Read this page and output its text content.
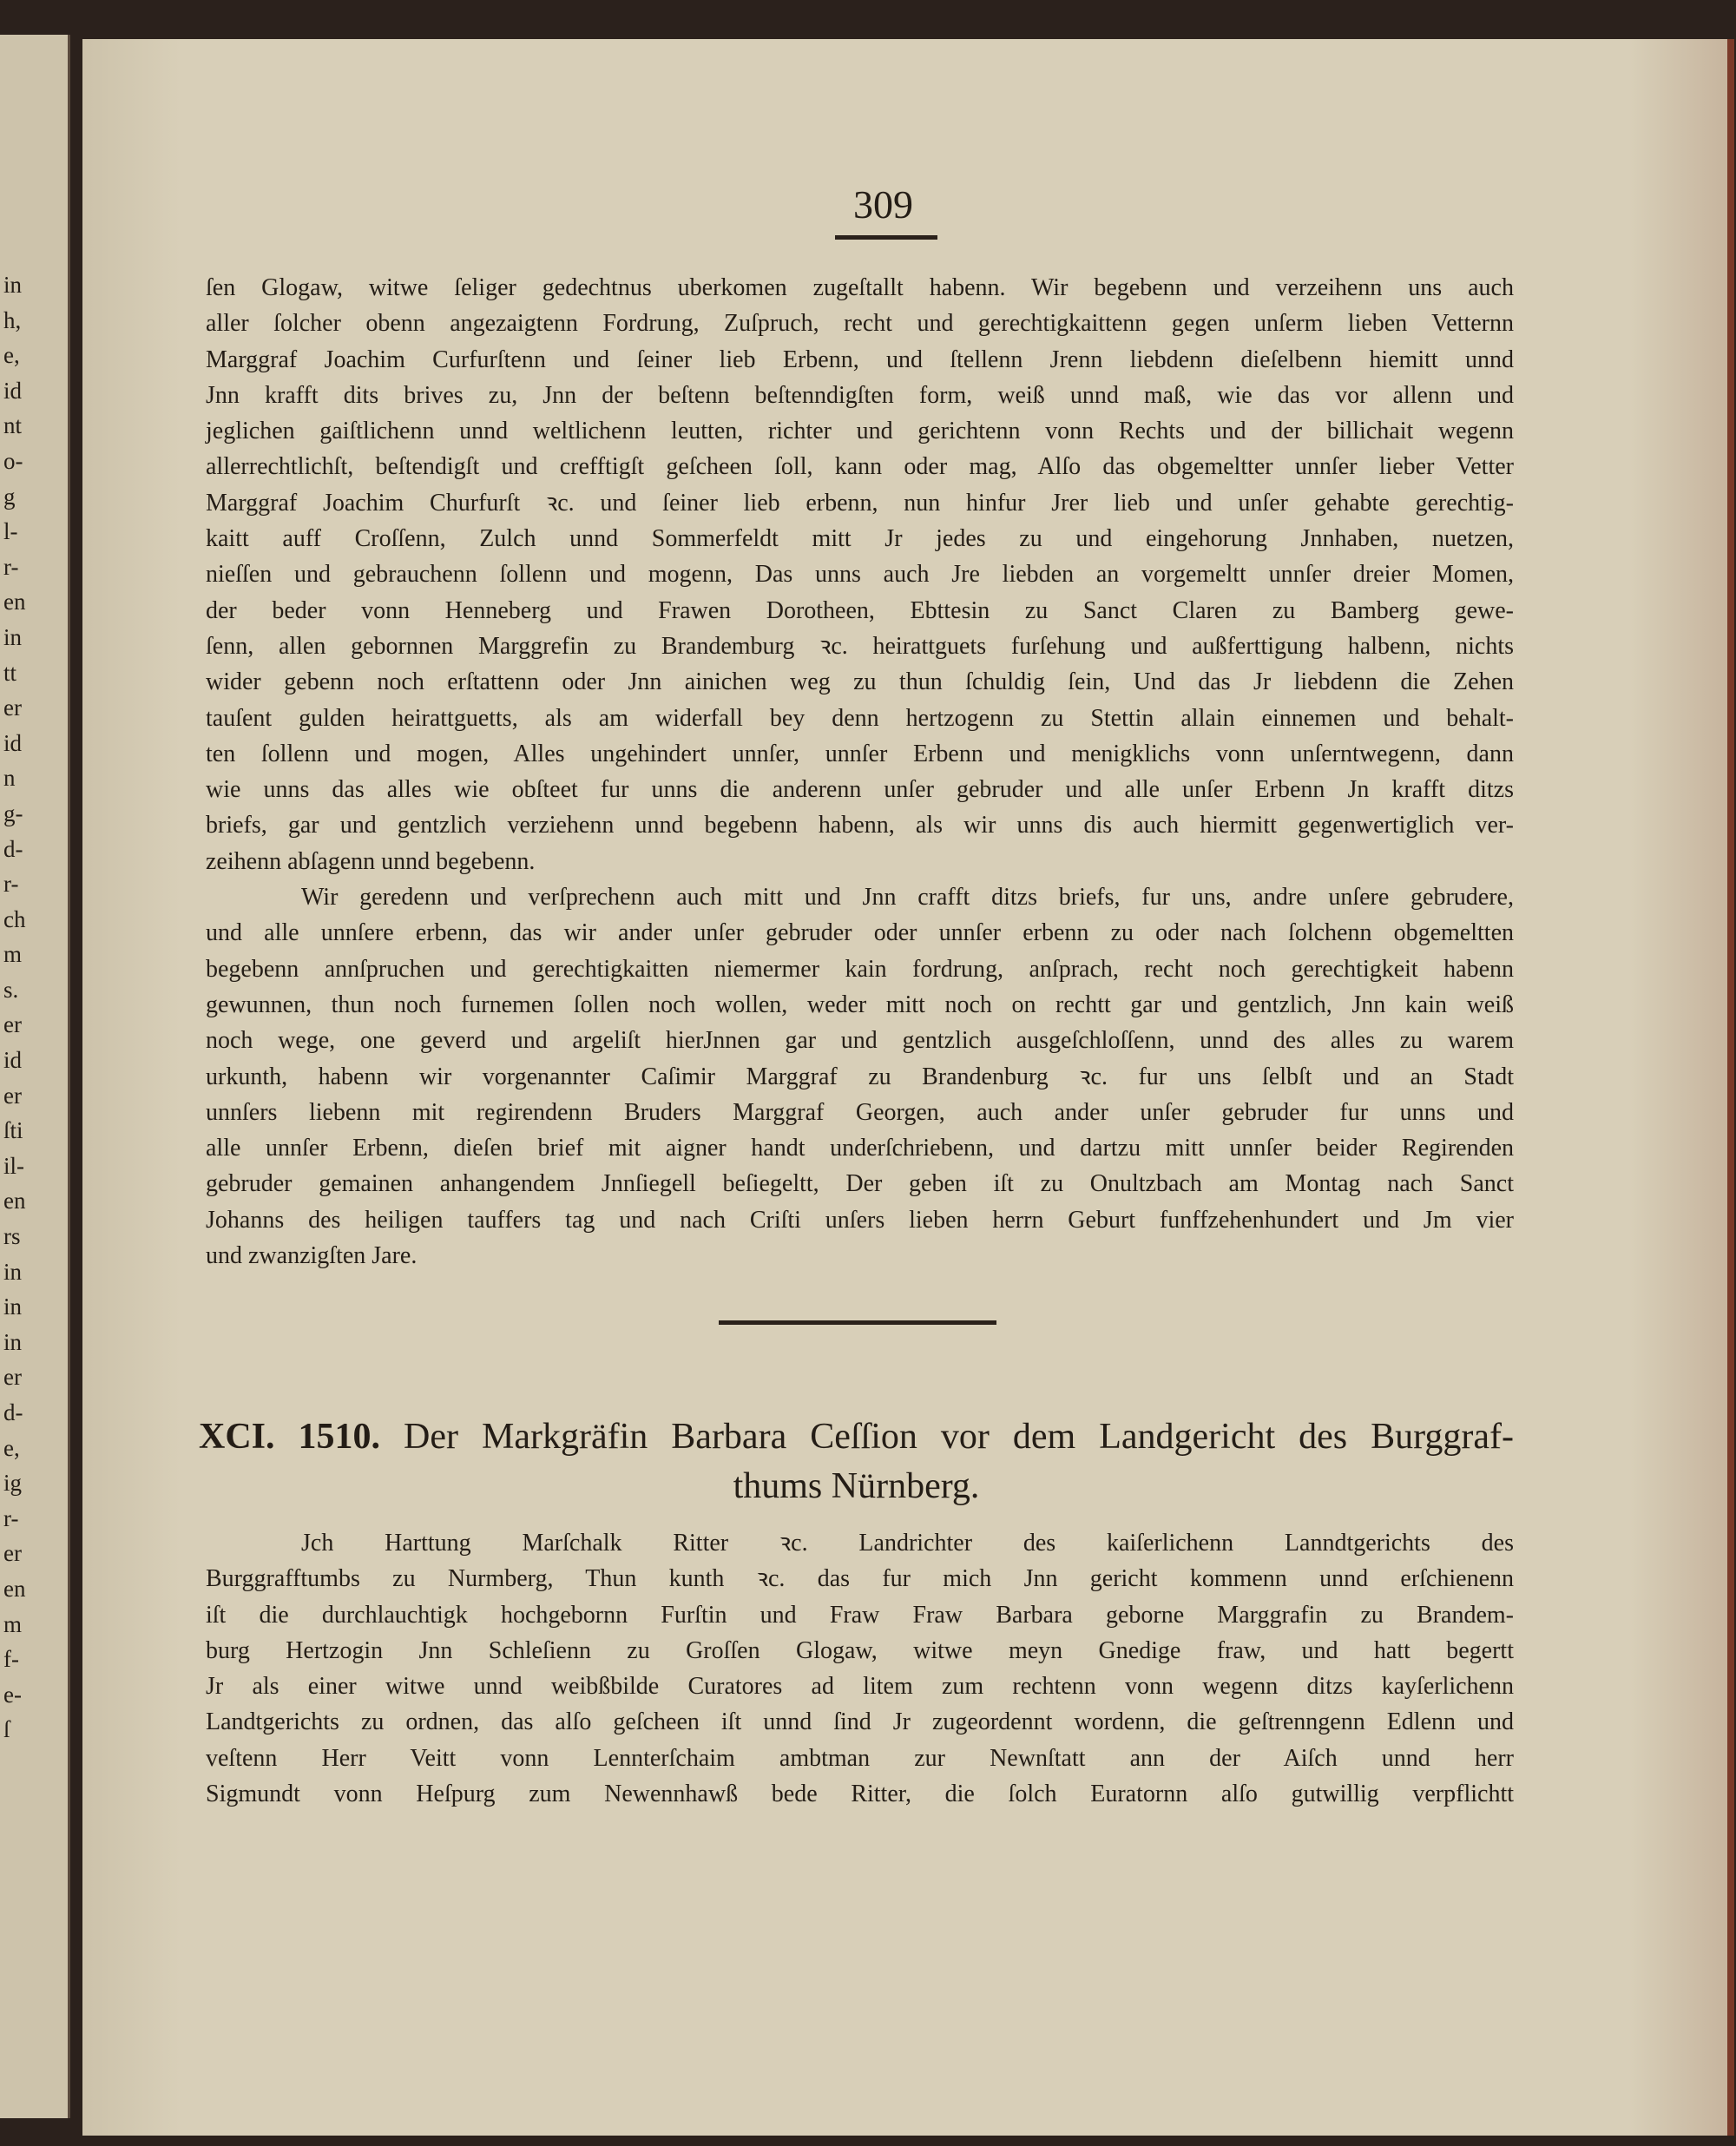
in
h,
e,
id
nt
o-
g
l-
r-
en
in
tt
er
id
n
g-
d-
r-
ch
m
s.
er
id
er
ſti
il-
en
rs
in
in
in
er
d-
e,
ig
r-
er
en
m
f-
e-
ſ
309
ſen Glogaw, witwe ſeliger gedechtnus uberkomen zugeſtallt habenn. Wir begebenn und verzeihenn uns auch
aller ſolcher obenn angezaigtenn Fordrung, Zuſpruch, recht und gerechtigkaittenn gegen unſerm lieben Vetternn
Marggraf Joachim Curfurſtenn und ſeiner lieb Erbenn, und ſtellenn Jrenn liebdenn dieſelbenn hiemitt unnd
Jnn krafft dits brives zu, Jnn der beſtenn beſtenndigſten form, weiß unnd maß, wie das vor allenn und
jeglichen gaiſtlichenn unnd weltlichenn leutten, richter und gerichtenn vonn Rechts und der billichait wegenn
allerrechtlichſt, beſtendigſt und crefftigſt geſcheen ſoll, kann oder mag, Alſo das obgemeltter unnſer lieber Vetter
Marggraf Joachim Churfurſt ꝛc. und ſeiner lieb erbenn, nun hinfur Jrer lieb und unſer gehabte gerechtig-
kaitt auff Croſſenn, Zulch unnd Sommerfeldt mitt Jr jedes zu und eingehorung Jnnhaben, nuetzen,
nieſſen und gebrauchenn ſollenn und mogenn, Das unns auch Jre liebden an vorgemeltt unnſer dreier Momen,
der beder vonn Henneberg und Frawen Dorotheen, Ebttesin zu Sanct Claren zu Bamberg gewe-
ſenn, allen gebornnen Marggrefin zu Brandemburg ꝛc. heirattguets furſehung und außferttigung halbenn, nichts
wider gebenn noch erſtattenn oder Jnn ainichen weg zu thun ſchuldig ſein, Und das Jr liebdenn die Zehen
tauſent gulden heirattguetts, als am widerfall bey denn hertzogenn zu Stettin allain einnemen und behalt-
ten ſollenn und mogen, Alles ungehindert unnſer, unnſer Erbenn und menigklichs vonn unſerntwegenn, dann
wie unns das alles wie obſteet fur unns die anderenn unſer gebruder und alle unſer Erbenn Jn krafft ditzs
briefs, gar und gentzlich verziehenn unnd begebenn habenn, als wir unns dis auch hiermitt gegenwertiglich ver-
zeihenn abſagenn unnd begebenn.
Wir geredenn und verſprechenn auch mitt und Jnn crafft ditzs briefs, fur uns, andre unſere gebrudere,
und alle unnſere erbenn, das wir ander unſer gebruder oder unnſer erbenn zu oder nach ſolchenn obgemeltten
begebenn annſpruchen und gerechtigkaitten niemermer kain fordrung, anſprach, recht noch gerechtigkeit habenn
gewunnen, thun noch furnemen ſollen noch wollen, weder mitt noch on rechtt gar und gentzlich, Jnn kain weiß
noch wege, one geverd und argeliſt hierJnnen gar und gentzlich ausgeſchloſſenn, unnd des alles zu warem
urkunth, habenn wir vorgenannter Caſimir Marggraf zu Brandenburg ꝛc. fur uns ſelbſt und an Stadt
unnſers liebenn mit regirendenn Bruders Marggraf Georgen, auch ander unſer gebruder fur unns und
alle unnſer Erbenn, dieſen brief mit aigner handt underſchriebenn, und dartzu mitt unnſer beider Regirenden
gebruder gemainen anhangendem Jnnſiegell beſiegeltt, Der geben iſt zu Onultzbach am Montag nach Sanct
Johanns des heiligen tauffers tag und nach Criſti unſers lieben herrn Geburt funffzehenhundert und Jm vier
und zwanzigſten Jare.
XCI. 1510. Der Markgräfin Barbara Ceſſion vor dem Landgericht des Burggraf-
thums Nürnberg.
Jch Harttung Marſchalk Ritter ꝛc. Landrichter des kaiſerlichenn Lanndtgerichts des
Burggrafftumbs zu Nurmberg, Thun kunth ꝛc. das fur mich Jnn gericht kommenn unnd erſchienenn
iſt die durchlauchtigk hochgebornn Furſtin und Fraw Fraw Barbara geborne Marggrafin zu Brandem-
burg Hertzogin Jnn Schleſienn zu Groſſen Glogaw, witwe meyn Gnedige fraw, und hatt begertt
Jr als einer witwe unnd weibßbilde Curatores ad litem zum rechtenn vonn wegenn ditzs kayſerlichenn
Landtgerichts zu ordnen, das alſo geſcheen iſt unnd ſind Jr zugeordennt wordenn, die geſtrenngenn Edlenn und
veſtenn Herr Veitt vonn Lennterſchaim ambtman zur Newnſtatt ann der Aiſch unnd herr
Sigmundt vonn Heſpurg zum Newennhawß bede Ritter, die ſolch Euratornn alſo gutwillig verpflichtt
